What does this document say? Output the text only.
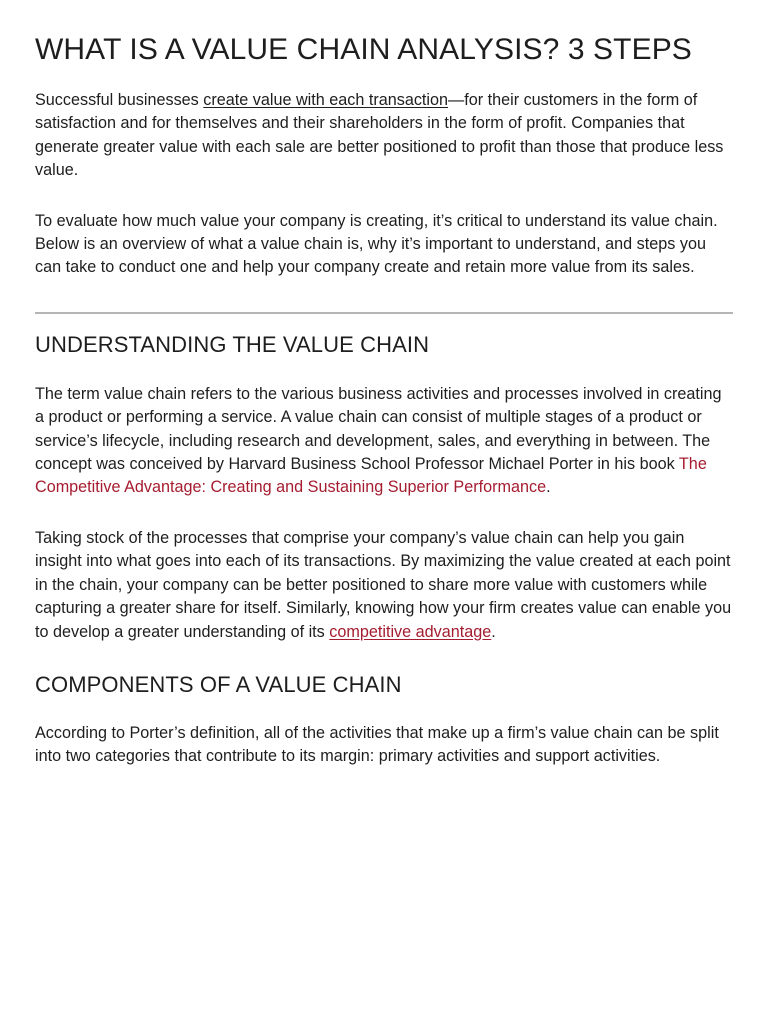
WHAT IS A VALUE CHAIN ANALYSIS? 3 STEPS

Successful businesses create value with each transaction—for their customers in the form of satisfaction and for themselves and their shareholders in the form of profit. Companies that generate greater value with each sale are better positioned to profit than those that produce less value.

To evaluate how much value your company is creating, it’s critical to understand its value chain. Below is an overview of what a value chain is, why it’s important to understand, and steps you can take to conduct one and help your company create and retain more value from its sales.

UNDERSTANDING THE VALUE CHAIN

The term value chain refers to the various business activities and processes involved in creating a product or performing a service. A value chain can consist of multiple stages of a product or service’s lifecycle, including research and development, sales, and everything in between. The concept was conceived by Harvard Business School Professor Michael Porter in his book The Competitive Advantage: Creating and Sustaining Superior Performance.

Taking stock of the processes that comprise your company’s value chain can help you gain insight into what goes into each of its transactions. By maximizing the value created at each point in the chain, your company can be better positioned to share more value with customers while capturing a greater share for itself. Similarly, knowing how your firm creates value can enable you to develop a greater understanding of its competitive advantage.

COMPONENTS OF A VALUE CHAIN

According to Porter’s definition, all of the activities that make up a firm’s value chain can be split into two categories that contribute to its margin: primary activities and support activities.
